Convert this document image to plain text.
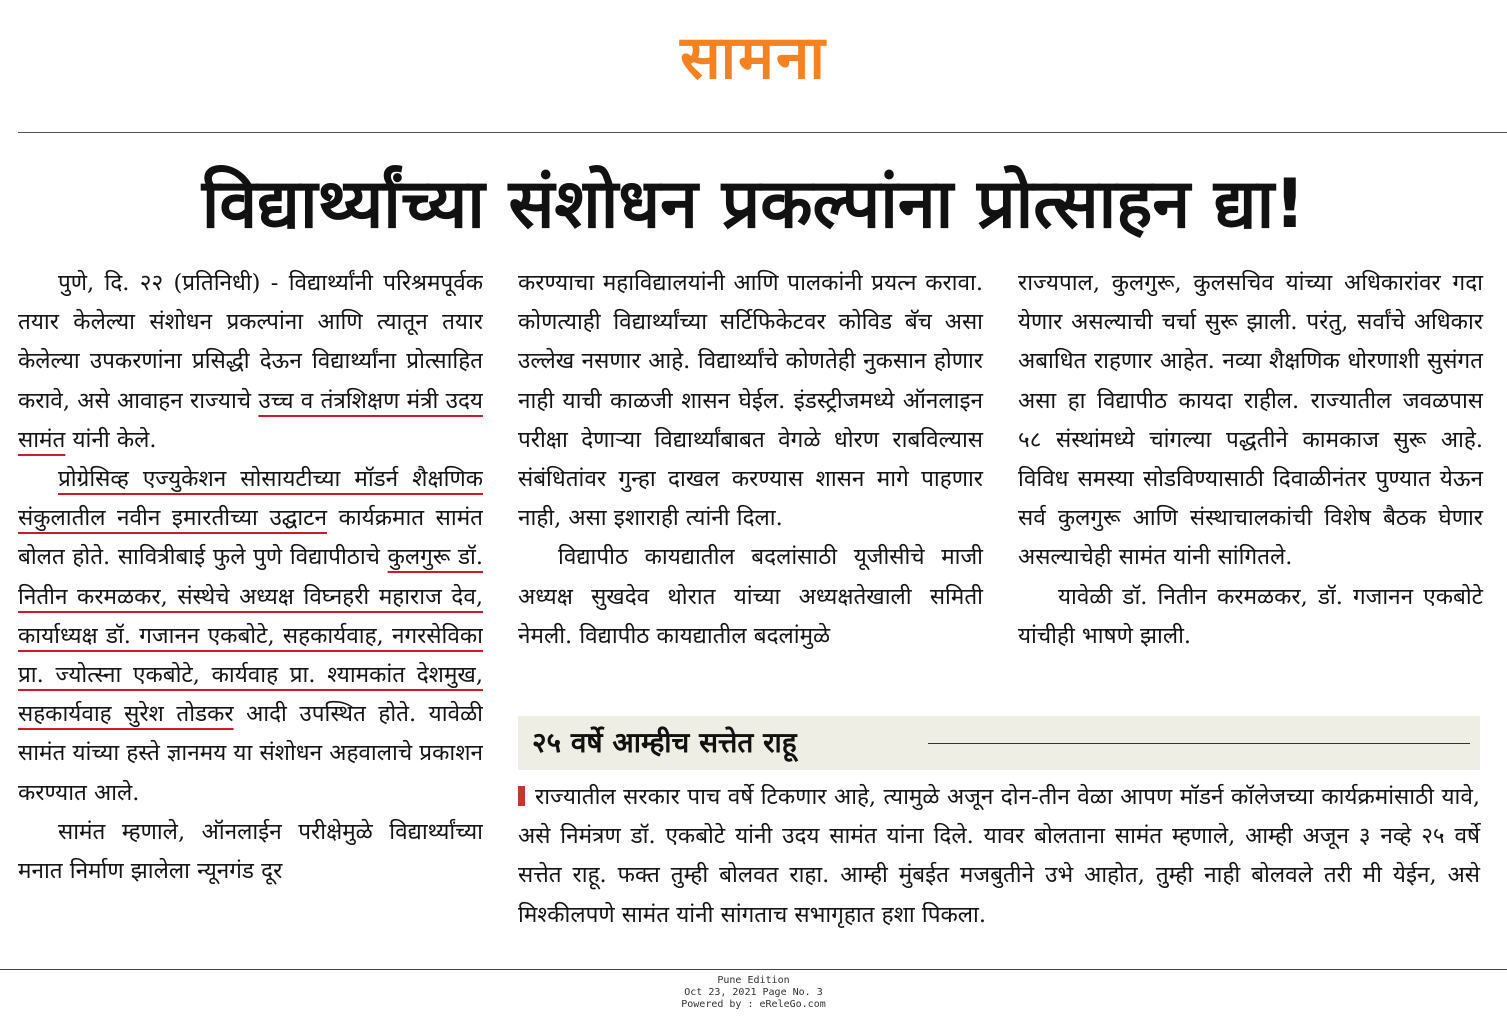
सामना
विद्यार्थ्यांच्या संशोधन प्रकल्पांना प्रोत्साहन द्या!

पुणे, दि. २२ (प्रतिनिधी) - विद्यार्थ्यांनी परिश्रमपूर्वक तयार केलेल्या संशोधन प्रकल्पांना आणि त्यातून तयार केलेल्या उपकरणांना प्रसिद्धी देऊन विद्यार्थ्यांना प्रोत्साहित करावे, असे आवाहन राज्याचे उच्च व तंत्रशिक्षण मंत्री उदय सामंत यांनी केले.

प्रोग्रेसिव्ह एज्युकेशन सोसायटीच्या मॉडर्न शैक्षणिक संकुलातील नवीन इमारतीच्या उद्घाटन कार्यक्रमात सामंत बोलत होते. सावित्रीबाई फुले पुणे विद्यापीठाचे कुलगुरू डॉ. नितीन करमळकर, संस्थेचे अध्यक्ष विघ्नहरी महाराज देव, कार्याध्यक्ष डॉ. गजानन एकबोटे, सहकार्यवाह, नगरसेविका प्रा. ज्योत्स्ना एकबोटे, कार्यवाह प्रा. श्यामकांत देशमुख, सहकार्यवाह सुरेश तोडकर आदी उपस्थित होते. यावेळी सामंत यांच्या हस्ते ज्ञानमय या संशोधन अहवालाचे प्रकाशन करण्यात आले.

सामंत म्हणाले, ऑनलाईन परीक्षेमुळे विद्यार्थ्यांच्या मनात निर्माण झालेला न्यूनगंड दूर

करण्याचा महाविद्यालयांनी आणि पालकांनी प्रयत्न करावा. कोणत्याही विद्यार्थ्यांच्या सर्टिफिकेटवर कोविड बॅच असा उल्लेख नसणार आहे. विद्यार्थ्यांचे कोणतेही नुकसान होणार नाही याची काळजी शासन घेईल. इंडस्ट्रीजमध्ये ऑनलाइन परीक्षा देणाऱ्या विद्यार्थ्यांबाबत वेगळे धोरण राबविल्यास संबंधितांवर गुन्हा दाखल करण्यास शासन मागे पाहणार नाही, असा इशाराही त्यांनी दिला.

विद्यापीठ कायद्यातील बदलांसाठी यूजीसीचे माजी अध्यक्ष सुखदेव थोरात यांच्या अध्यक्षतेखाली समिती नेमली. विद्यापीठ कायद्यातील बदलांमुळे

राज्यपाल, कुलगुरू, कुलसचिव यांच्या अधिकारांवर गदा येणार असल्याची चर्चा सुरू झाली. परंतु, सर्वांचे अधिकार अबाधित राहणार आहेत. नव्या शैक्षणिक धोरणाशी सुसंगत असा हा विद्यापीठ कायदा राहील. राज्यातील जवळपास ५८ संस्थांमध्ये चांगल्या पद्धतीने कामकाज सुरू आहे. विविध समस्या सोडविण्यासाठी दिवाळीनंतर पुण्यात येऊन सर्व कुलगुरू आणि संस्थाचालकांची विशेष बैठक घेणार असल्याचेही सामंत यांनी सांगितले.

यावेळी डॉ. नितीन करमळकर, डॉ. गजानन एकबोटे यांचीही भाषणे झाली.

२५ वर्षे आम्हीच सत्तेत राहू

राज्यातील सरकार पाच वर्षे टिकणार आहे, त्यामुळे अजून दोन-तीन वेळा आपण मॉडर्न कॉलेजच्या कार्यक्रमांसाठी यावे, असे निमंत्रण डॉ. एकबोटे यांनी उदय सामंत यांना दिले. यावर बोलताना सामंत म्हणाले, आम्ही अजून ३ नव्हे २५ वर्षे सत्तेत राहू. फक्त तुम्ही बोलवत राहा. आम्ही मुंबईत मजबुतीने उभे आहोत, तुम्ही नाही बोलवले तरी मी येईन, असे मिश्कीलपणे सामंत यांनी सांगताच सभागृहात हशा पिकला.

Pune Edition
Oct 23, 2021 Page No. 3
Powered by : eReleGo.com
